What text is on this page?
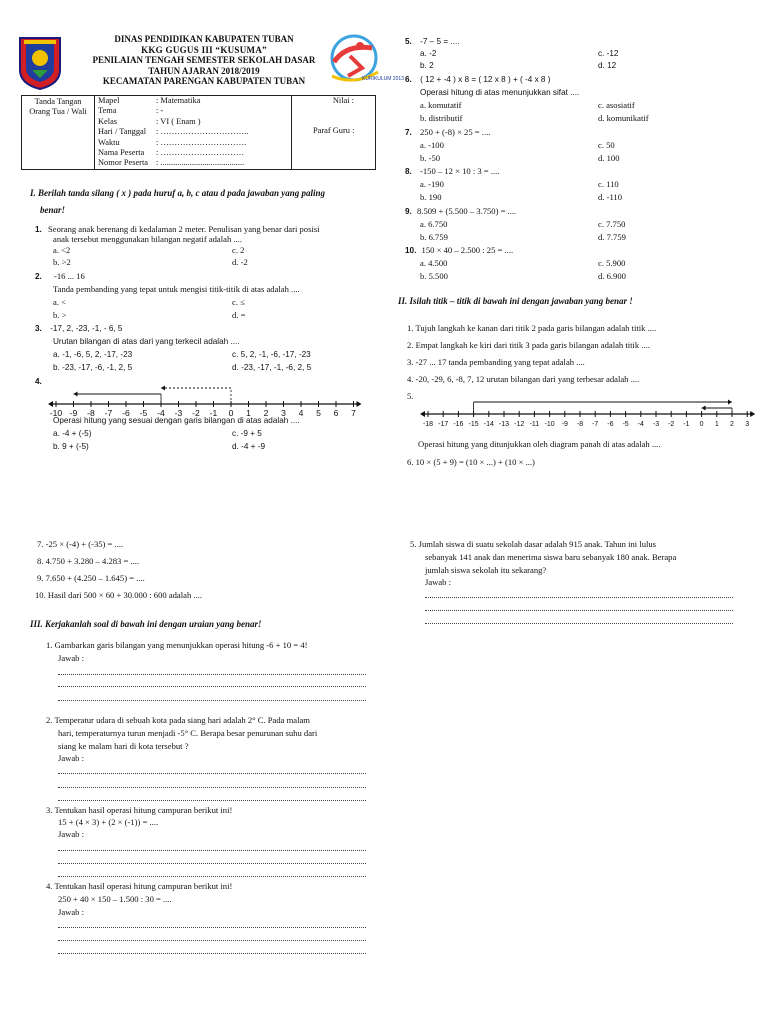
DINAS PENDIDIKAN KABUPATEN TUBAN
KKG GUGUS III “KUSUMA”
PENILAIAN TENGAH SEMESTER SEKOLAH DASAR
TAHUN AJARAN 2018/2019
KECAMATAN PARENGAN KABUPATEN TUBAN	KURIKULUM 2013
Tanda Tangan Orang Tua / Wali

Mapel	: Matematika
Tema	: -
Kelas	: VI ( Enam )
Hari / Tanggal : …………………………..
Waktu	: ………………………….
Nama Peserta : …………………………
Nomor Peserta : ........................................

Nilai :
Paraf Guru :
I. Berilah tanda silang ( x ) pada huruf a, b, c atau d pada jawaban yang paling
benar!
1. Seorang anak berenang di kedalaman 2 meter. Penulisan yang benar dari posisi
anak tersebut menggunakan bilangan negatif adalah ....
a. <2	c. 2
b. >2	d. -2
2. -16 ... 16
Tanda pembanding yang tepat untuk mengisi titik-titik di atas adalah ....
a. <	c. ≤
b. >	d. =
3. -17, 2, -23, -1, - 6, 5
Urutan bilangan di atas dari yang terkecil adalah ....
a. -1, -6, 5, 2, -17, -23	c. 5, 2, -1, -6, -17, -23
b. -23, -17, -6, -1, 2, 5	d. -23, -17, -1, -6, 2, 5
4.
-10 -9 -8 -7 -6 -5 -4 -3 -2 -1 0 1 2 3 4 5 6 7
Operasi hitung yang sesuai dengan garis bilangan di atas adalah ....
a. -4 + (-5)	c. -9 + 5
b. 9 + (-5)	d. -4 + -9
5. -7 – 5 = ....
a. -2	c. -12
b. 2	d. 12
6. ( 12 + -4 ) x 8 = ( 12 x 8 ) + ( -4 x 8 )
Operasi hitung di atas menunjukkan sifat ....
a. komutatif	c. asosiatif
b. distributif	d. komunikatif
7. 250 + (-8) × 25 = ....
a. -100	c. 50
b. -50	d. 100
8. -150 – 12 × 10 : 3 = ....
a. -190	c. 110
b. 190	d. -110
9. 8.509 + (5.500 – 3.750) = ....
a. 6.750	c. 7.750
b. 6.759	d. 7.759
10. 150 × 40 – 2.500 : 25 = ....
a. 4.500	c. 5.900
b. 5.500	d. 6.900
II. Isilah titik – titik di bawah ini dengan jawaban yang benar !
1. Tujuh langkah ke kanan dari titik 2 pada garis bilangan adalah titik ....
2. Empat langkah ke kiri dari titik 3 pada garis bilangan adalah titik ....
3. -27 ... 17 tanda pembanding yang tepat adalah ....
4. -20, -29, 6, -8, 7, 12 urutan bilangan dari yang terbesar adalah ....
5.
-18 -17 -16 -15 -14 -13 -12 -11 -10 -9 -8 -7 -6 -5 -4 -3 -2 -1 0 1 2 3
Operasi hitung yang ditunjukkan oleh diagram panah di atas adalah ....
6. 10 × (5 + 9) = (10 × ...) + (10 × ...)
7. -25 × (-4) + (-35) = ....
8. 4.750 + 3.280 – 4.283 = ....
9. 7.650 + (4.250 – 1.645) = ....
10. Hasil dari 500 × 60 + 30.000 : 600 adalah ....
III. Kerjakanlah soal di bawah ini dengan uraian yang benar!
1. Gambarkan garis bilangan yang menunjukkan operasi hitung -6 + 10 = 4!
Jawab :
2. Temperatur udara di sebuah kota pada siang hari adalah 2° C. Pada malam
hari, temperaturnya turun menjadi -5° C. Berapa besar penurunan suhu dari
siang ke malam hari di kota tersebut ?
Jawab :
3. Tentukan hasil operasi hitung campuran berikut ini!
15 + (4 × 3) + (2 × (-1)) = ....
Jawab :
4. Tentukan hasil operasi hitung campuran berikut ini!
250 + 40 × 150 – 1.500 : 30 = ....
Jawab :
5. Jumlah siswa di suatu sekolah dasar adalah 915 anak. Tahun ini lulus
sebanyak 141 anak dan menerima siswa baru sebanyak 180 anak. Berapa
jumlah siswa sekolah itu sekarang?
Jawab :
